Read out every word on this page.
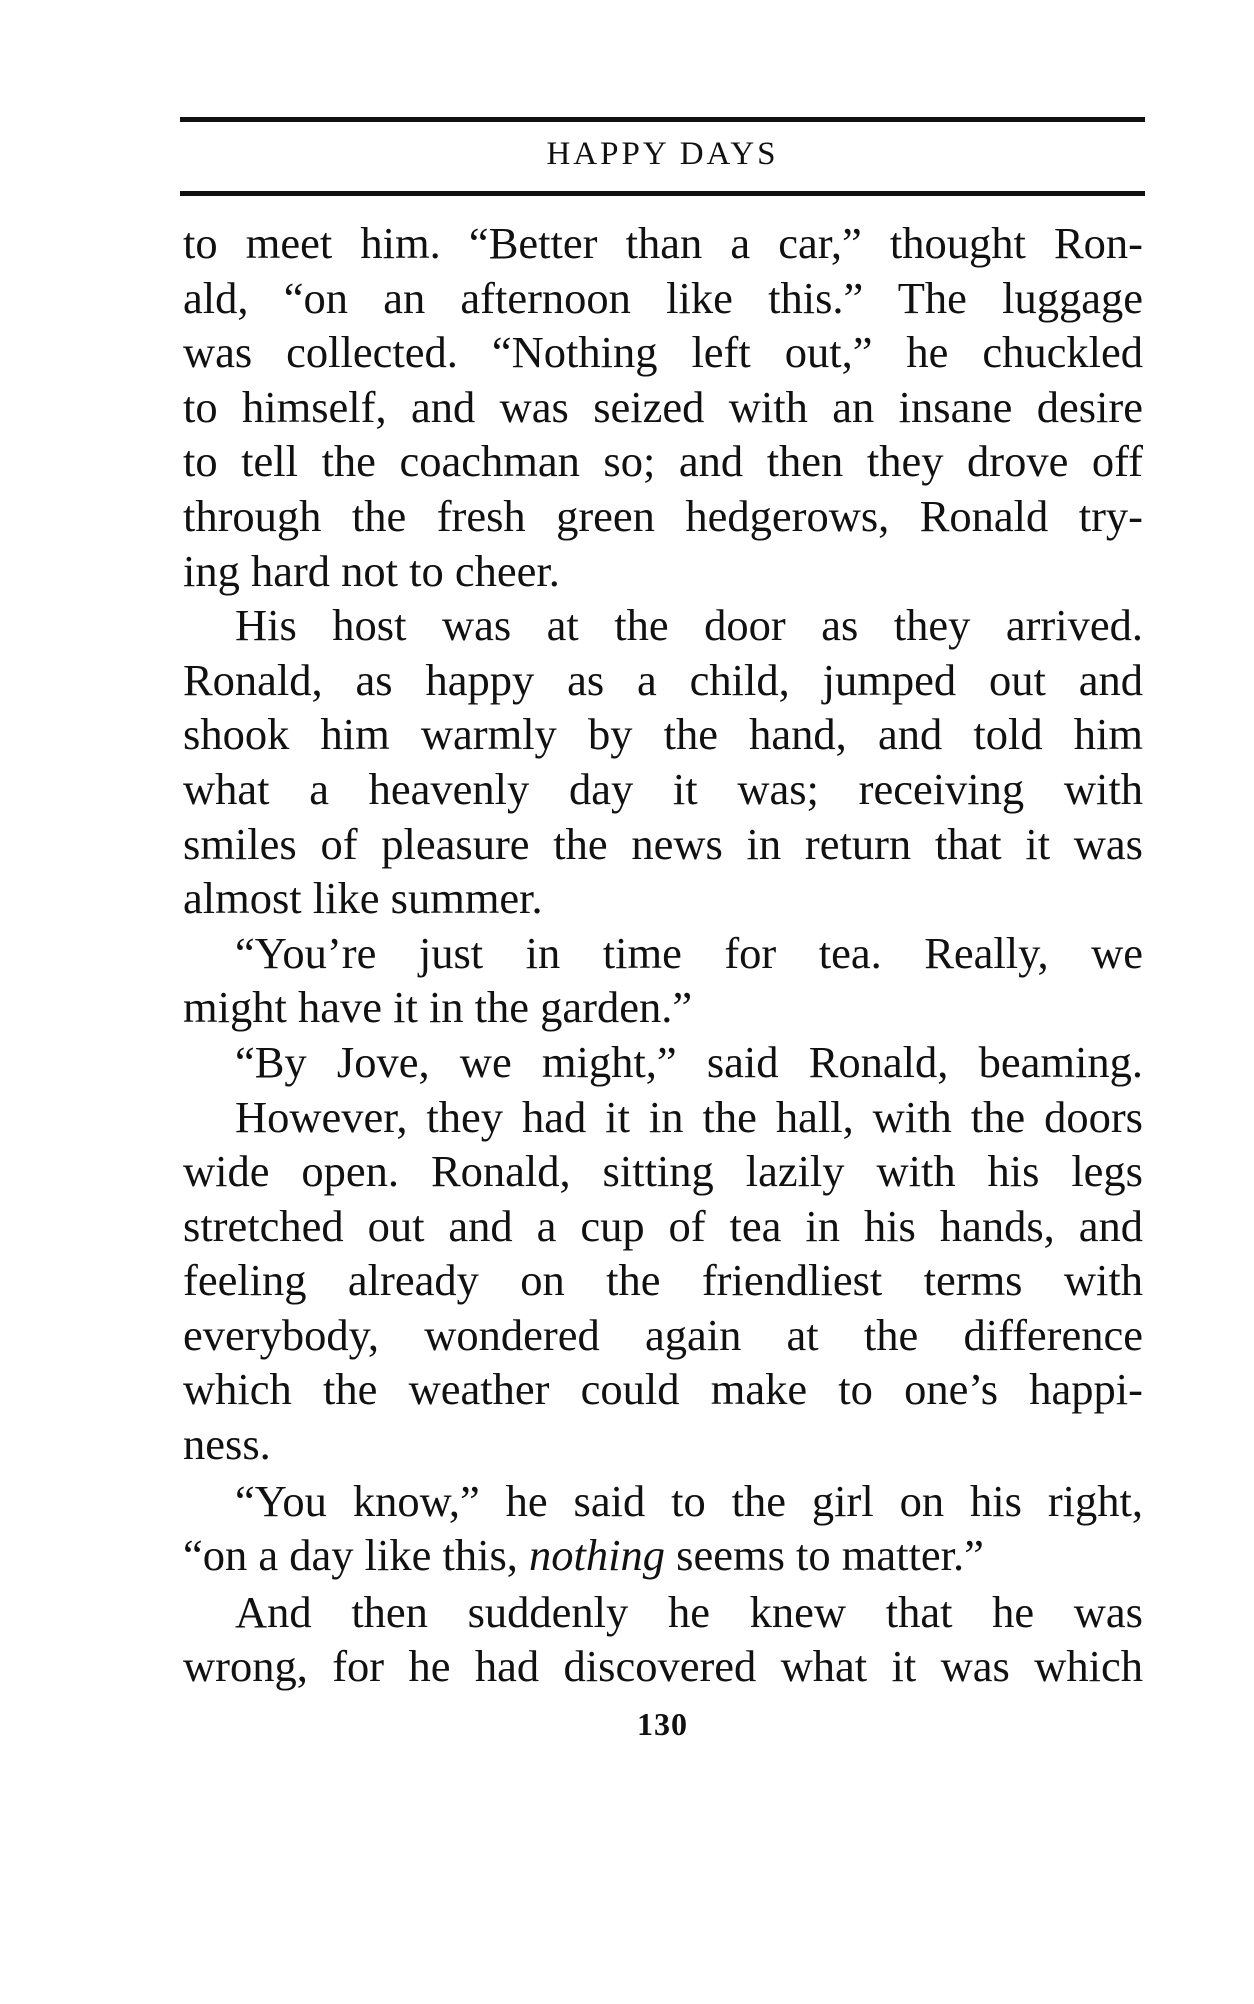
HAPPY DAYS
to meet him. “Better than a car,” thought Ron-
ald, “on an afternoon like this.” The luggage
was collected. “Nothing left out,” he chuckled
to himself, and was seized with an insane desire
to tell the coachman so; and then they drove off
through the fresh green hedgerows, Ronald try-
ing hard not to cheer.
His host was at the door as they arrived.
Ronald, as happy as a child, jumped out and
shook him warmly by the hand, and told him
what a heavenly day it was; receiving with
smiles of pleasure the news in return that it was
almost like summer.
“You’re just in time for tea. Really, we
might have it in the garden.”
“By Jove, we might,” said Ronald, beaming.
However, they had it in the hall, with the doors
wide open. Ronald, sitting lazily with his legs
stretched out and a cup of tea in his hands, and
feeling already on the friendliest terms with
everybody, wondered again at the difference
which the weather could make to one’s happi-
ness.
“You know,” he said to the girl on his right,
“on a day like this, nothing seems to matter.”
And then suddenly he knew that he was
wrong, for he had discovered what it was which
130
